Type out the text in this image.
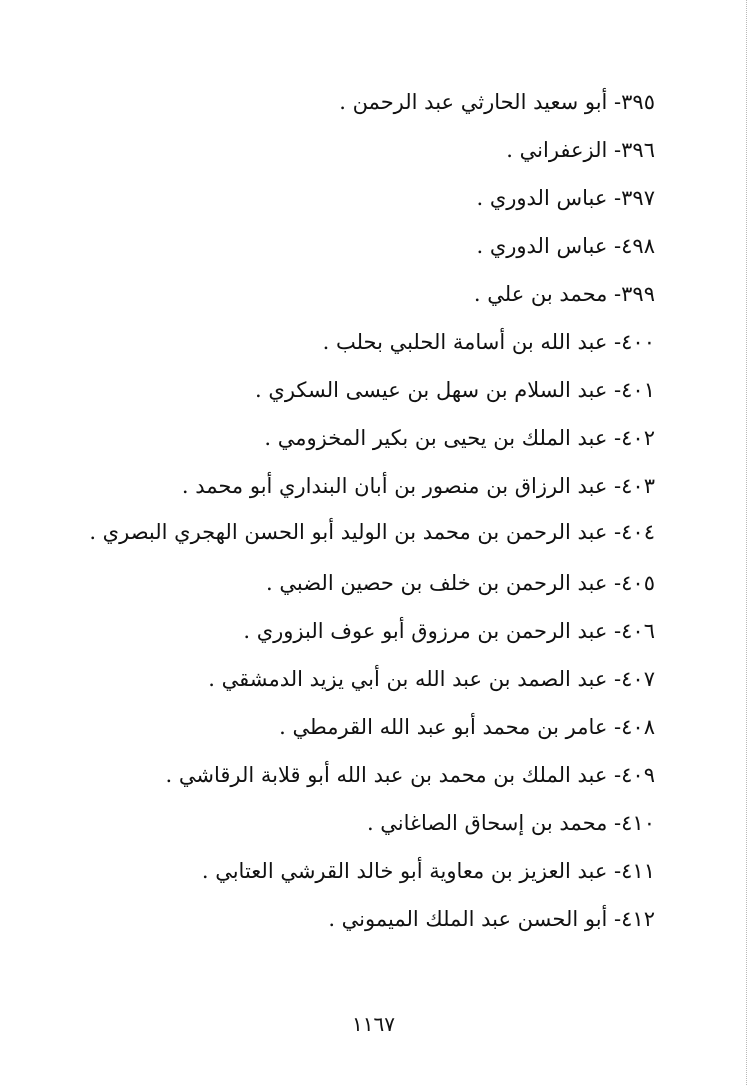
٣٩٥- أبو سعيد الحارثي عبد الرحمن .
٣٩٦- الزعفراني .
٣٩٧- عباس الدوري .
٤٩٨- عباس الدوري .
٣٩٩- محمد بن علي .
٤٠٠- عبد الله بن أسامة الحلبي بحلب .
٤٠١- عبد السلام بن سهل بن عيسى السكري .
٤٠٢- عبد الملك بن يحيى بن بكير المخزومي .
٤٠٣- عبد الرزاق بن منصور بن أبان البنداري أبو محمد .
٤٠٤- عبد الرحمن بن محمد بن الوليد أبو الحسن الهجري البصري .
٤٠٥- عبد الرحمن بن خلف بن حصين الضبي .
٤٠٦- عبد الرحمن بن مرزوق أبو عوف البزوري .
٤٠٧- عبد الصمد بن عبد الله بن أبي يزيد الدمشقي .
٤٠٨- عامر بن محمد أبو عبد الله القرمطي .
٤٠٩- عبد الملك بن محمد بن عبد الله أبو قلابة الرقاشي .
٤١٠- محمد بن إسحاق الصاغاني .
٤١١- عبد العزيز بن معاوية أبو خالد القرشي العتابي .
٤١٢- أبو الحسن عبد الملك الميموني .
١١٦٧
